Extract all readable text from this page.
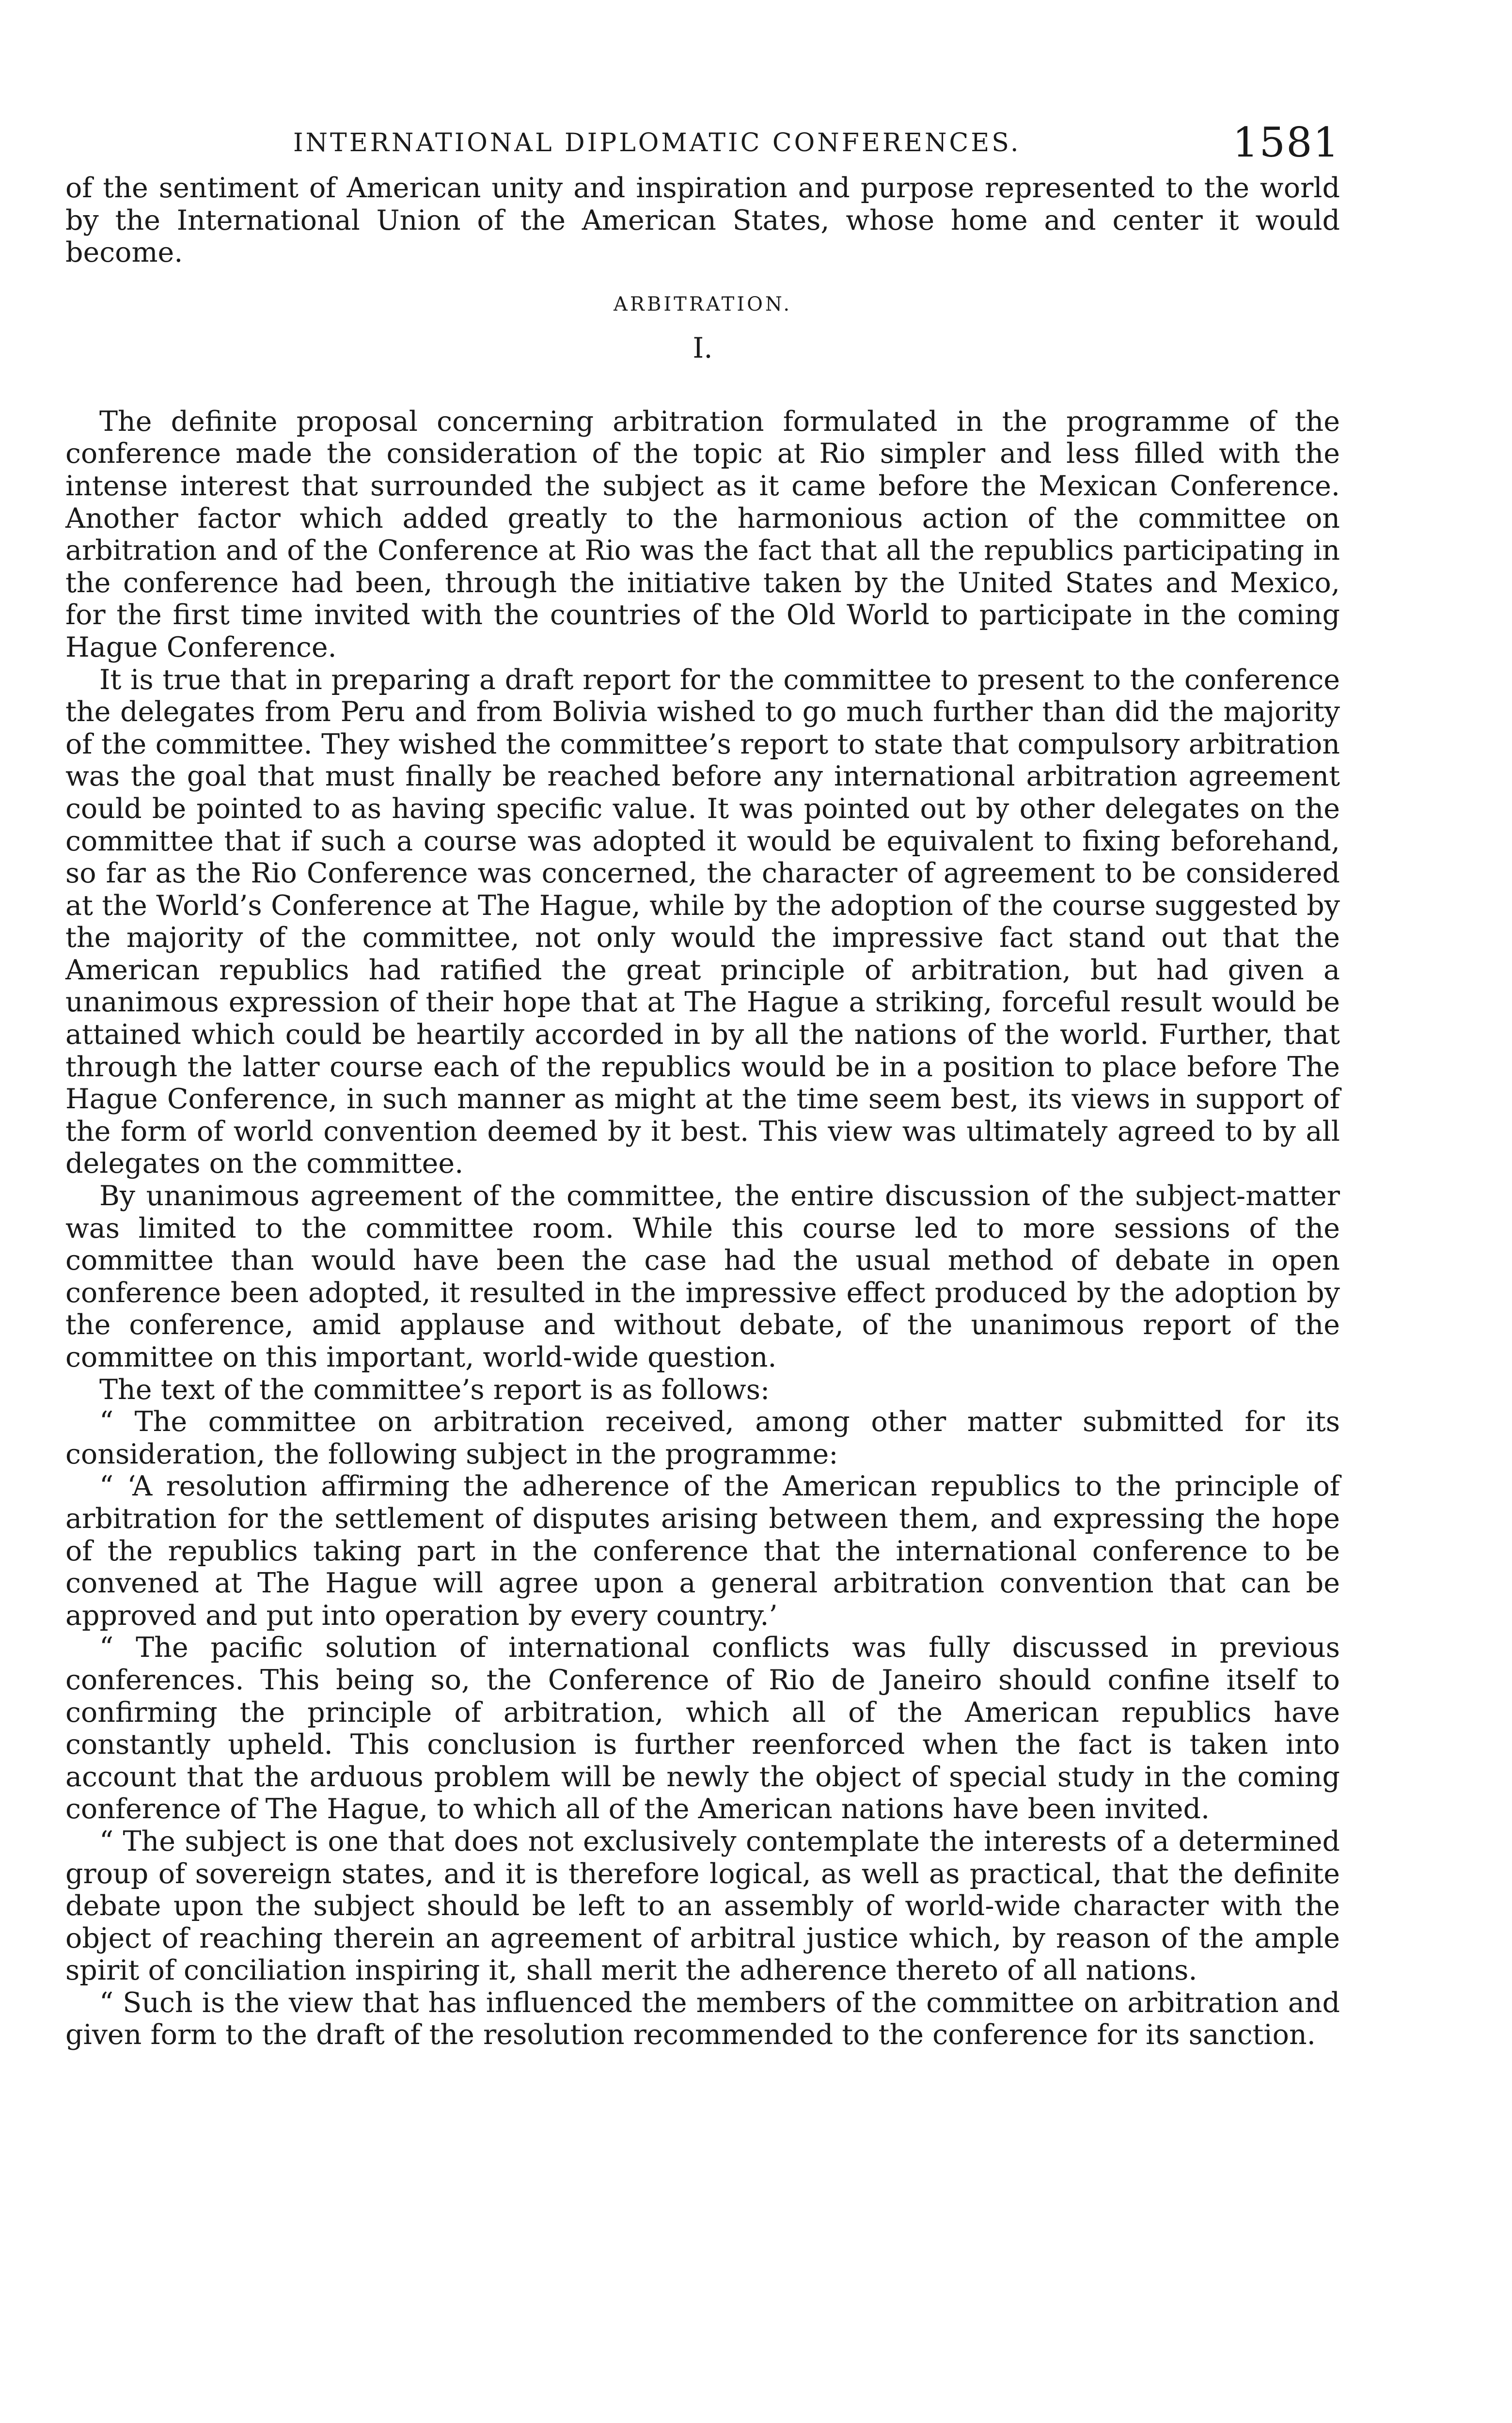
INTERNATIONAL DIPLOMATIC CONFERENCES.	1581

of the sentiment of American unity and inspiration and purpose represented to the world by the International Union of the American States, whose home and center it would become.

ARBITRATION.
I.

The definite proposal concerning arbitration formulated in the programme of the conference made the consideration of the topic at Rio simpler and less filled with the intense interest that surrounded the subject as it came before the Mexican Conference. Another factor which added greatly to the harmonious action of the committee on arbitration and of the Conference at Rio was the fact that all the republics participating in the conference had been, through the initiative taken by the United States and Mexico, for the first time invited with the countries of the Old World to participate in the coming Hague Conference.

It is true that in preparing a draft report for the committee to present to the conference the delegates from Peru and from Bolivia wished to go much further than did the majority of the committee. They wished the committee’s report to state that compulsory arbitration was the goal that must finally be reached before any international arbitration agreement could be pointed to as having specific value. It was pointed out by other delegates on the committee that if such a course was adopted it would be equivalent to fixing beforehand, so far as the Rio Conference was concerned, the character of agreement to be considered at the World’s Conference at The Hague, while by the adoption of the course suggested by the majority of the committee, not only would the impressive fact stand out that the American republics had ratified the great principle of arbitration, but had given a unanimous expression of their hope that at The Hague a striking, forceful result would be attained which could be heartily accorded in by all the nations of the world. Further, that through the latter course each of the republics would be in a position to place before The Hague Conference, in such manner as might at the time seem best, its views in support of the form of world convention deemed by it best. This view was ultimately agreed to by all delegates on the committee.

By unanimous agreement of the committee, the entire discussion of the subject-matter was limited to the committee room. While this course led to more sessions of the committee than would have been the case had the usual method of debate in open conference been adopted, it resulted in the impressive effect produced by the adoption by the conference, amid applause and without debate, of the unanimous report of the committee on this important, world-wide question.

The text of the committee’s report is as follows:

“ The committee on arbitration received, among other matter submitted for its consideration, the following subject in the programme:

“ ‘A resolution affirming the adherence of the American republics to the principle of arbitration for the settlement of disputes arising between them, and expressing the hope of the republics taking part in the conference that the international conference to be convened at The Hague will agree upon a general arbitration convention that can be approved and put into operation by every country.’

“ The pacific solution of international conflicts was fully discussed in previous conferences. This being so, the Conference of Rio de Janeiro should confine itself to confirming the principle of arbitration, which all of the American republics have constantly upheld. This conclusion is further reenforced when the fact is taken into account that the arduous problem will be newly the object of special study in the coming conference of The Hague, to which all of the American nations have been invited.

“ The subject is one that does not exclusively contemplate the interests of a determined group of sovereign states, and it is therefore logical, as well as practical, that the definite debate upon the subject should be left to an assembly of world-wide character with the object of reaching therein an agreement of arbitral justice which, by reason of the ample spirit of conciliation inspiring it, shall merit the adherence thereto of all nations.

“ Such is the view that has influenced the members of the committee on arbitration and given form to the draft of the resolution recommended to the conference for its sanction.
